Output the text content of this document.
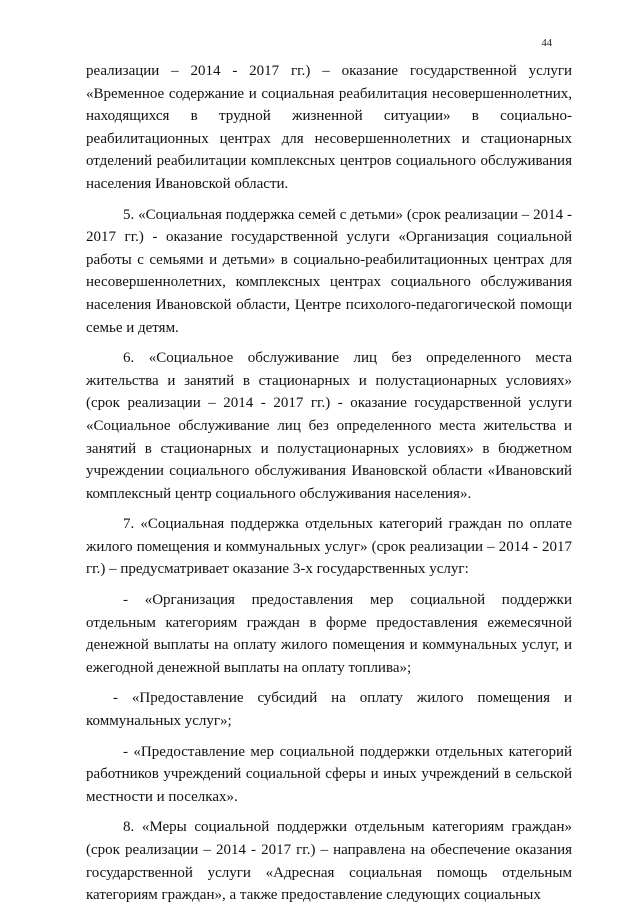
44

реализации – 2014 - 2017 гг.) – оказание государственной услуги «Временное содержание и социальная реабилитация несовершеннолетних, находящихся в трудной жизненной ситуации» в социально-реабилитационных центрах для несовершеннолетних и стационарных отделений реабилитации комплексных центров социального обслуживания населения Ивановской области.

5. «Социальная поддержка семей с детьми» (срок реализации – 2014 - 2017 гг.) - оказание государственной услуги «Организация социальной работы с семьями и детьми» в социально-реабилитационных центрах для несовершеннолетних, комплексных центрах социального обслуживания населения Ивановской области, Центре психолого-педагогической помощи семье и детям.

6. «Социальное обслуживание лиц без определенного места жительства и занятий в стационарных и полустационарных условиях» (срок реализации – 2014 - 2017 гг.) - оказание государственной услуги «Социальное обслуживание лиц без определенного места жительства и занятий в стационарных и полустационарных условиях» в бюджетном учреждении социального обслуживания Ивановской области «Ивановский комплексный центр социального обслуживания населения».

7. «Социальная поддержка отдельных категорий граждан по оплате жилого помещения и коммунальных услуг» (срок реализации – 2014 - 2017 гг.) – предусматривает оказание 3-х государственных услуг:

- «Организация предоставления мер социальной поддержки отдельным категориям граждан в форме предоставления ежемесячной денежной выплаты на оплату жилого помещения и коммунальных услуг, и ежегодной денежной выплаты на оплату топлива»;

- «Предоставление субсидий на оплату жилого помещения и коммунальных услуг»;

- «Предоставление мер социальной поддержки отдельных категорий работников учреждений социальной сферы и иных учреждений в сельской местности и поселках».

8. «Меры социальной поддержки отдельным категориям граждан» (срок реализации – 2014 - 2017 гг.) – направлена на обеспечение оказания государственной услуги «Адресная социальная помощь отдельным категориям граждан», а также предоставление следующих социальных
